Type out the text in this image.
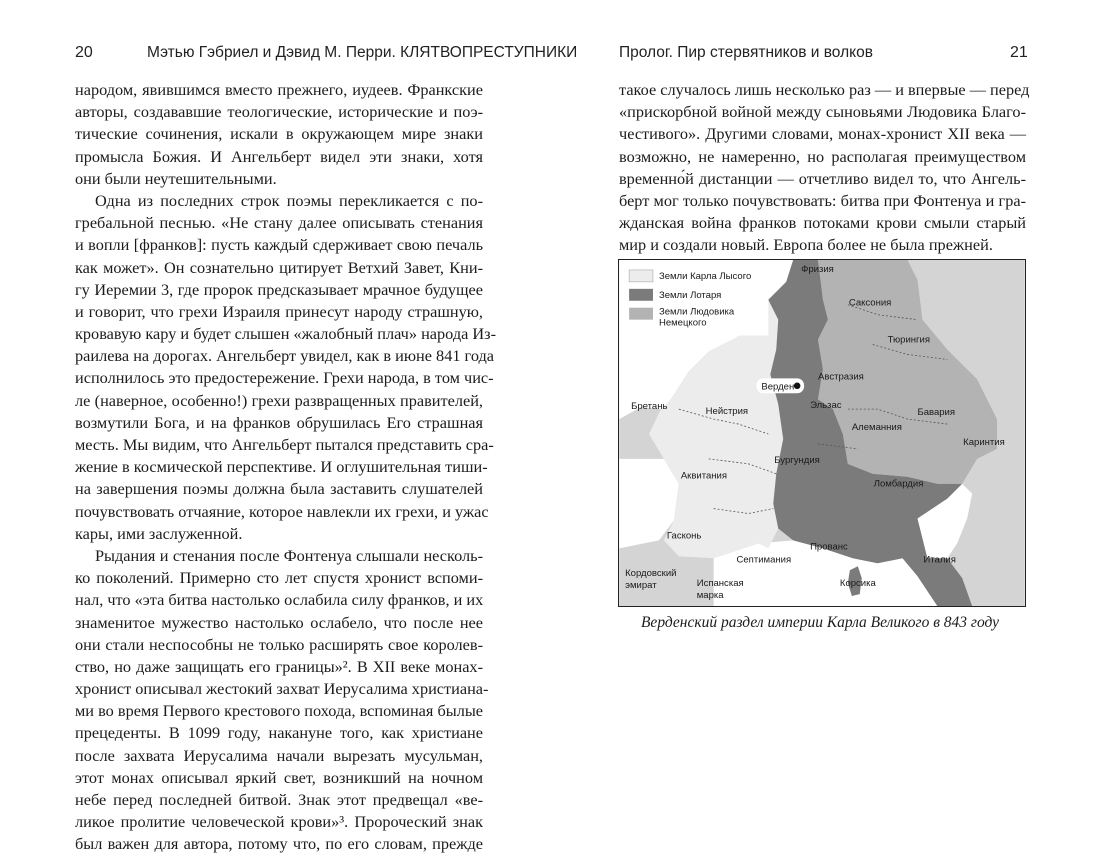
20	Мэтью Гэбриел и Дэвид М. Перри. КЛЯТВОПРЕСТУПНИКИ
народом, явившимся вместо прежнего, иудеев. Франкские
авторы, создававшие теологические, исторические и поэ-
тические сочинения, искали в окружающем мире знаки
промысла Божия. И Ангельберт видел эти знаки, хотя
они были неутешительными.
Одна из последних строк поэмы перекликается с по-
гребальной песнью. «Не стану далее описывать стенания
и вопли [франков]: пусть каждый сдерживает свою печаль
как может». Он сознательно цитирует Ветхий Завет, Кни-
гу Иеремии 3, где пророк предсказывает мрачное будущее
и говорит, что грехи Израиля принесут народу страшную,
кровавую кару и будет слышен «жалобный плач» народа Из-
раилева на дорогах. Ангельберт увидел, как в июне 841 года
исполнилось это предостережение. Грехи народа, в том чис-
ле (наверное, особенно!) грехи развращенных правителей,
возмутили Бога, и на франков обрушилась Его страшная
месть. Мы видим, что Ангельберт пытался представить сра-
жение в космической перспективе. И оглушительная тиши-
на завершения поэмы должна была заставить слушателей
почувствовать отчаяние, которое навлекли их грехи, и ужас
кары, ими заслуженной.
Рыдания и стенания после Фонтенуа слышали несколь-
ко поколений. Примерно сто лет спустя хронист вспоми-
нал, что «эта битва настолько ослабила силу франков, и их
знаменитое мужество настолько ослабело, что после нее
они стали неспособны не только расширять свое королев-
ство, но даже защищать его границы»². В XII веке монах-
хронист описывал жестокий захват Иерусалима христиана-
ми во время Первого крестового похода, вспоминая былые
прецеденты. В 1099 году, накануне того, как христиане
после захвата Иерусалима начали вырезать мусульман,
этот монах описывал яркий свет, возникший на ночном
небе перед последней битвой. Знак этот предвещал «ве-
ликое пролитие человеческой крови»³. Пророческий знак
был важен для автора, потому что, по его словам, прежде
Пролог. Пир стервятников и волков	21
такое случалось лишь несколько раз — и впервые — перед
«прискорбной войной между сыновьями Людовика Благо-
честивого». Другими словами, монах-хронист XII века —
возможно, не намеренно, но располагая преимуществом
временно́й дистанции — отчетливо видел то, что Ангель-
берт мог только почувствовать: битва при Фонтенуа и гра-
жданская война франков потоками крови смыли старый
мир и создали новый. Европа более не была прежней.
Земли Карла Лысого
Земли Лотаря
Земли Людовика
Немецкого
Верден
Фризия
Саксония
Тюрингия
Австразия
Эльзас
Бавария
Бретань	Нейстрия
Алеманния
Каринтия
Бургундия
Аквитания
Ломбардия
Гасконь
Прованс
Септимания	Италия
Кордовский
эмират	Испанская
марка
Корсика
Верденский раздел империи Карла Великого в 843 году
